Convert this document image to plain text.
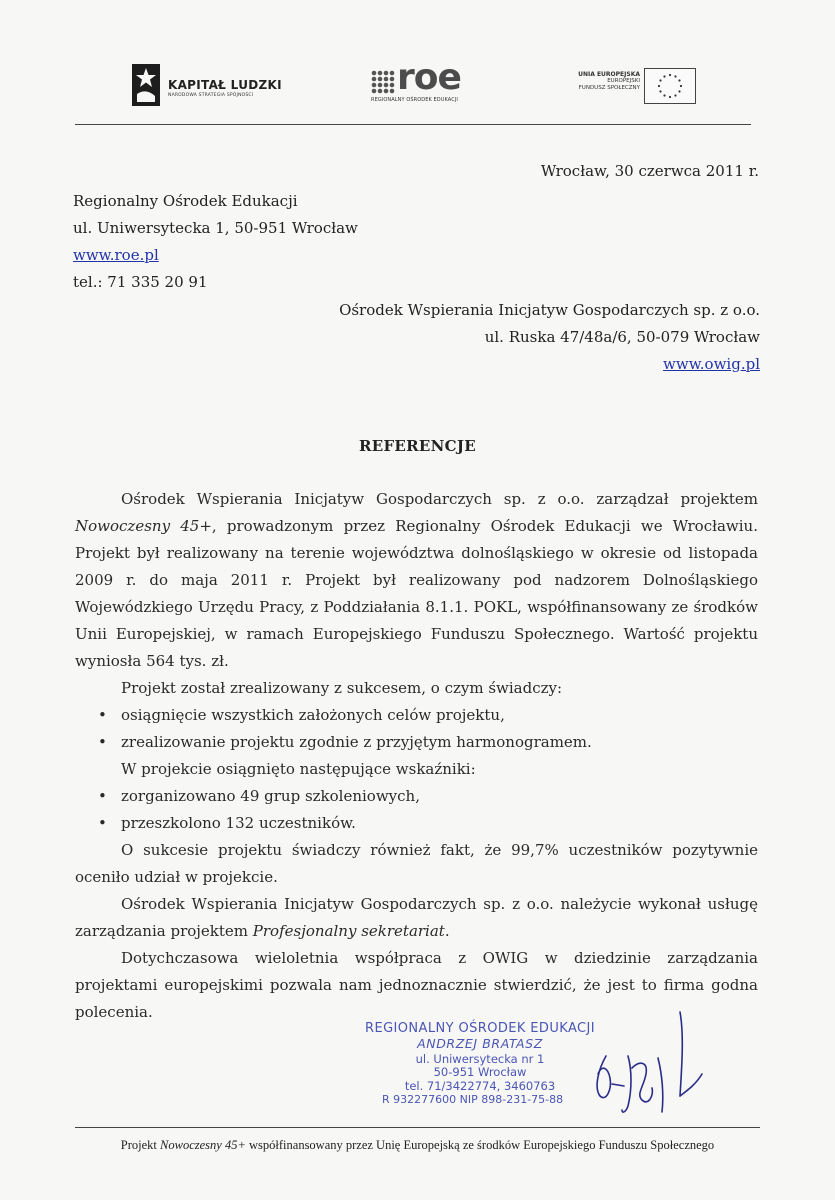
KAPITAŁ LUDZKI
NARODOWA STRATEGIA SPÓJNOŚCI	roe
REGIONALNY OŚRODEK EDUKACJI
UNIA EUROPEJSKA
EUROPEJSKI
FUNDUSZ SPOŁECZNY
Wrocław, 30 czerwca 2011 r.
Regionalny Ośrodek Edukacji
ul. Uniwersytecka 1, 50-951 Wrocław
www.roe.pl
tel.: 71 335 20 91
Ośrodek Wspierania Inicjatyw Gospodarczych sp. z o.o.
ul. Ruska 47/48a/6, 50-079 Wrocław
www.owig.pl
REFERENCJE

Ośrodek Wspierania Inicjatyw Gospodarczych sp. z o.o. zarządzał projektem Nowoczesny 45+, prowadzonym przez Regionalny Ośrodek Edukacji we Wrocławiu. Projekt był realizowany na terenie województwa dolnośląskiego w okresie od listopada 2009 r. do maja 2011 r. Projekt był realizowany pod nadzorem Dolnośląskiego Wojewódzkiego Urzędu Pracy, z Poddziałania 8.1.1. POKL, współfinansowany ze środków Unii Europejskiej, w ramach Europejskiego Funduszu Społecznego. Wartość projektu wyniosła 564 tys. zł.

Projekt został zrealizowany z sukcesem, o czym świadczy:

• osiągnięcie wszystkich założonych celów projektu,
• zrealizowanie projektu zgodnie z przyjętym harmonogramem.

W projekcie osiągnięto następujące wskaźniki:

• zorganizowano 49 grup szkoleniowych,
• przeszkolono 132 uczestników.

O sukcesie projektu świadczy również fakt, że 99,7% uczestników pozytywnie oceniło udział w projekcie.

Ośrodek Wspierania Inicjatyw Gospodarczych sp. z o.o. należycie wykonał usługę zarządzania projektem Profesjonalny sekretariat.

Dotychczasowa wieloletnia współpraca z OWIG w dziedzinie zarządzania projektami europejskimi pozwala nam jednoznacznie stwierdzić, że jest to firma godna polecenia.

REGIONALNY OŚRODEK EDUKACJI
ANDRZEJ BRATASZ
ul. Uniwersytecka nr 1
50-951 Wrocław
tel. 71/3422774, 3460763
R 932277600 NIP 898-231-75-88
Projekt Nowoczesny 45+ współfinansowany przez Unię Europejską ze środków Europejskiego Funduszu Społecznego
